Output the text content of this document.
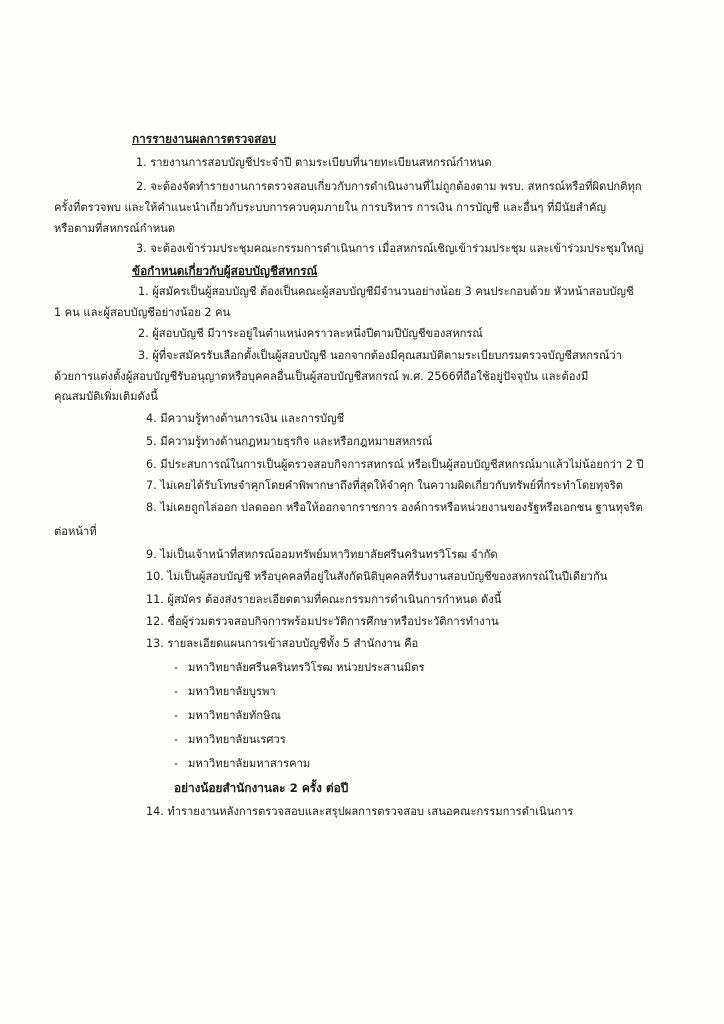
การรายงานผลการตรวจสอบ
1. รายงานการสอบบัญชีประจำปี ตามระเบียบที่นายทะเบียนสหกรณ์กำหนด
2. จะต้องจัดทำรายงานการตรวจสอบเกี่ยวกับการดำเนินงานที่ไม่ถูกต้องตาม พรบ. สหกรณ์หรือที่ผิดปกติทุก
ครั้งที่ตรวจพบ และให้คำแนะนำเกี่ยวกับระบบการควบคุมภายใน การบริหาร การเงิน การบัญชี และอื่นๆ ที่มีนัยสำคัญ
หรือตามที่สหกรณ์กำหนด
3. จะต้องเข้าร่วมประชุมคณะกรรมการดำเนินการ เมื่อสหกรณ์เชิญเข้าร่วมประชุม และเข้าร่วมประชุมใหญ่
ข้อกำหนดเกี่ยวกับผู้สอบบัญชีสหกรณ์
1. ผู้สมัครเป็นผู้สอบบัญชี ต้องเป็นคณะผู้สอบบัญชีมีจำนวนอย่างน้อย 3 คนประกอบด้วย หัวหน้าสอบบัญชี
1 คน และผู้สอบบัญชีอย่างน้อย 2 คน
2. ผู้สอบบัญชี มีวาระอยู่ในตำแหน่งคราวละหนึ่งปีตามปีบัญชีของสหกรณ์
3. ผู้ที่จะสมัครรับเลือกตั้งเป็นผู้สอบบัญชี นอกจากต้องมีคุณสมบัติตามระเบียบกรมตรวจบัญชีสหกรณ์ว่า
ด้วยการแต่งตั้งผู้สอบบัญชีรับอนุญาตหรือบุคคลอื่นเป็นผู้สอบบัญชีสหกรณ์ พ.ศ. 2566ที่ถือใช้อยู่ปัจจุบัน และต้องมี
คุณสมบัติเพิ่มเติมดังนี้
4. มีความรู้ทางด้านการเงิน และการบัญชี
5. มีความรู้ทางด้านกฎหมายธุรกิจ และหรือกฎหมายสหกรณ์
6. มีประสบการณ์ในการเป็นผู้ตรวจสอบกิจการสหกรณ์ หรือเป็นผู้สอบบัญชีสหกรณ์มาแล้วไม่น้อยกว่า 2 ปี
7. ไม่เคยได้รับโทษจำคุกโดยคำพิพากษาถึงที่สุดให้จำคุก ในความผิดเกี่ยวกับทรัพย์ที่กระทำโดยทุจริต
8. ไม่เคยถูกไล่ออก ปลดออก หรือให้ออกจากราชการ องค์การหรือหน่วยงานของรัฐหรือเอกชน ฐานทุจริต
ต่อหน้าที่
9. ไม่เป็นเจ้าหน้าที่สหกรณ์ออมทรัพย์มหาวิทยาลัยศรีนครินทรวิโรฒ จำกัด
10. ไม่เป็นผู้สอบบัญชี หรือบุคคลที่อยู่ในสังกัดนิติบุคคลที่รับงานสอบบัญชีของสหกรณ์ในปีเดียวกัน
11. ผู้สมัคร ต้องส่งรายละเอียดตามที่คณะกรรมการดำเนินการกำหนด ดังนี้
12. ชื่อผู้ร่วมตรวจสอบกิจการพร้อมประวัติการศึกษาหรือประวัติการทำงาน
13. รายละเอียดแผนการเข้าสอบบัญชีทั้ง 5 สำนักงาน คือ
- มหาวิทยาลัยศรีนครินทรวิโรฒ หน่วยประสานมิตร
- มหาวิทยาลัยบูรพา
- มหาวิทยาลัยทักษิณ
- มหาวิทยาลัยนเรศวร
- มหาวิทยาลัยมหาสารคาม
อย่างน้อยสำนักงานละ 2 ครั้ง ต่อปี
14. ทำรายงานหลังการตรวจสอบและสรุปผลการตรวจสอบ เสนอคณะกรรมการดำเนินการ
